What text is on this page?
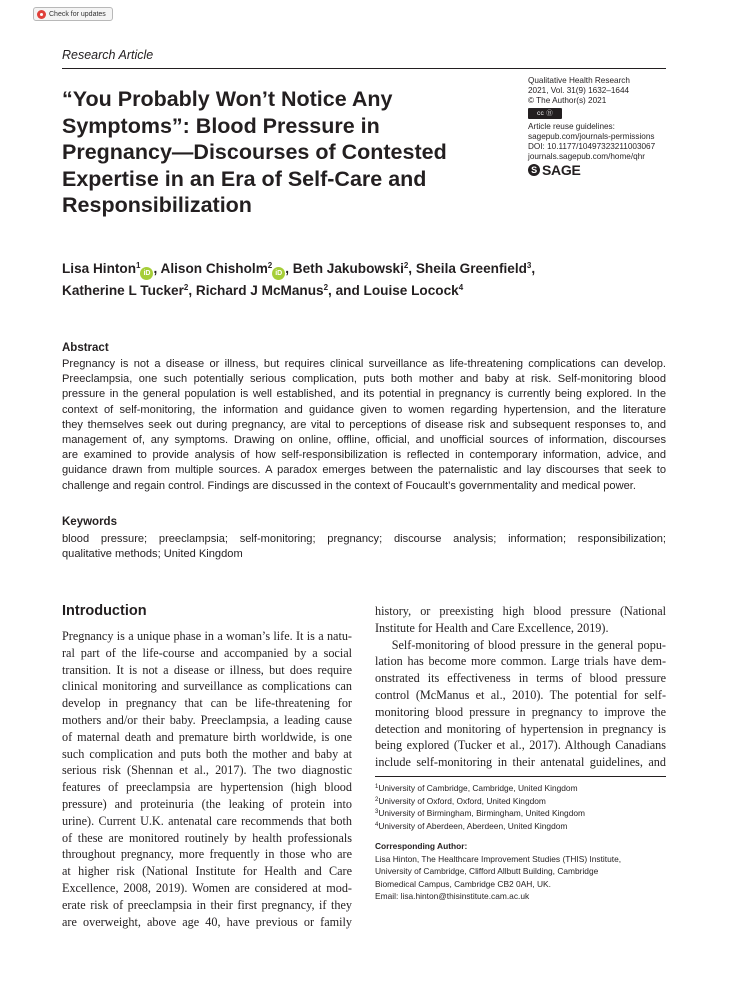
Check for updates
Research Article
“You Probably Won’t Notice Any
Symptoms”: Blood Pressure in
Pregnancy—Discourses of Contested
Expertise in an Era of Self-Care and
Responsibilization
Qualitative Health Research
2021, Vol. 31(9) 1632–1644
© The Author(s) 2021
cc Ⓑ
Article reuse guidelines:
sagepub.com/journals-permissions
DOI: 10.1177/10497323211003067
journals.sagepub.com/home/qhr
S SAGE
Lisa Hinton$^1$iD , Alison Chisholm$^2$iD , Beth Jakubowski$^2$, Sheila Greenfield$^3$,
Katherine L Tucker$^2$, Richard J McManus$^2$, and Louise Locock$^4$
Abstract
Pregnancy is not a disease or illness, but requires clinical surveillance as life-threatening complications can develop.
Preeclampsia, one such potentially serious complication, puts both mother and baby at risk. Self-monitoring blood
pressure in the general population is well established, and its potential in pregnancy is currently being explored. In the
context of self-monitoring, the information and guidance given to women regarding hypertension, and the literature
they themselves seek out during pregnancy, are vital to perceptions of disease risk and subsequent responses to, and
management of, any symptoms. Drawing on online, offline, official, and unofficial sources of information, discourses
are examined to provide analysis of how self-responsibilization is reflected in contemporary information, advice, and
guidance drawn from multiple sources. A paradox emerges between the paternalistic and lay discourses that seek to
challenge and regain control. Findings are discussed in the context of Foucault’s governmentality and medical power.
Keywords
blood pressure; preeclampsia; self-monitoring; pregnancy; discourse analysis; information; responsibilization;
qualitative methods; United Kingdom
Introduction
Pregnancy is a unique phase in a woman’s life. It is a natu-
ral part of the life-course and accompanied by a social
transition. It is not a disease or illness, but does require
clinical monitoring and surveillance as complications can
develop in pregnancy that can be life-threatening for
mothers and/or their baby. Preeclampsia, a leading cause
of maternal death and premature birth worldwide, is one
such complication and puts both the mother and baby at
serious risk (Shennan et al., 2017). The two diagnostic
features of preeclampsia are hypertension (high blood
pressure) and proteinuria (the leaking of protein into
urine). Current U.K. antenatal care recommends that both
of these are monitored routinely by health professionals
throughout pregnancy, more frequently in those who are
at higher risk (National Institute for Health and Care
Excellence, 2008, 2019). Women are considered at mod-
erate risk of preeclampsia in their first pregnancy, if they
are overweight, above age 40, have previous or family
history, or preexisting high blood pressure (National
Institute for Health and Care Excellence, 2019).
Self-monitoring of blood pressure in the general popu-
lation has become more common. Large trials have dem-
onstrated its effectiveness in terms of blood pressure
control (McManus et al., 2010). The potential for self-
monitoring blood pressure in pregnancy to improve the
detection and monitoring of hypertension in pregnancy is
being explored (Tucker et al., 2017). Although Canadians
include self-monitoring in their antenatal guidelines, and
$^1$University of Cambridge, Cambridge, United Kingdom
$^2$University of Oxford, Oxford, United Kingdom
$^3$University of Birmingham, Birmingham, United Kingdom
$^4$University of Aberdeen, Aberdeen, United Kingdom
Corresponding Author:
Lisa Hinton, The Healthcare Improvement Studies (THIS) Institute,
University of Cambridge, Clifford Allbutt Building, Cambridge
Biomedical Campus, Cambridge CB2 0AH, UK.
Email: lisa.hinton@thisinstitute.cam.ac.uk
